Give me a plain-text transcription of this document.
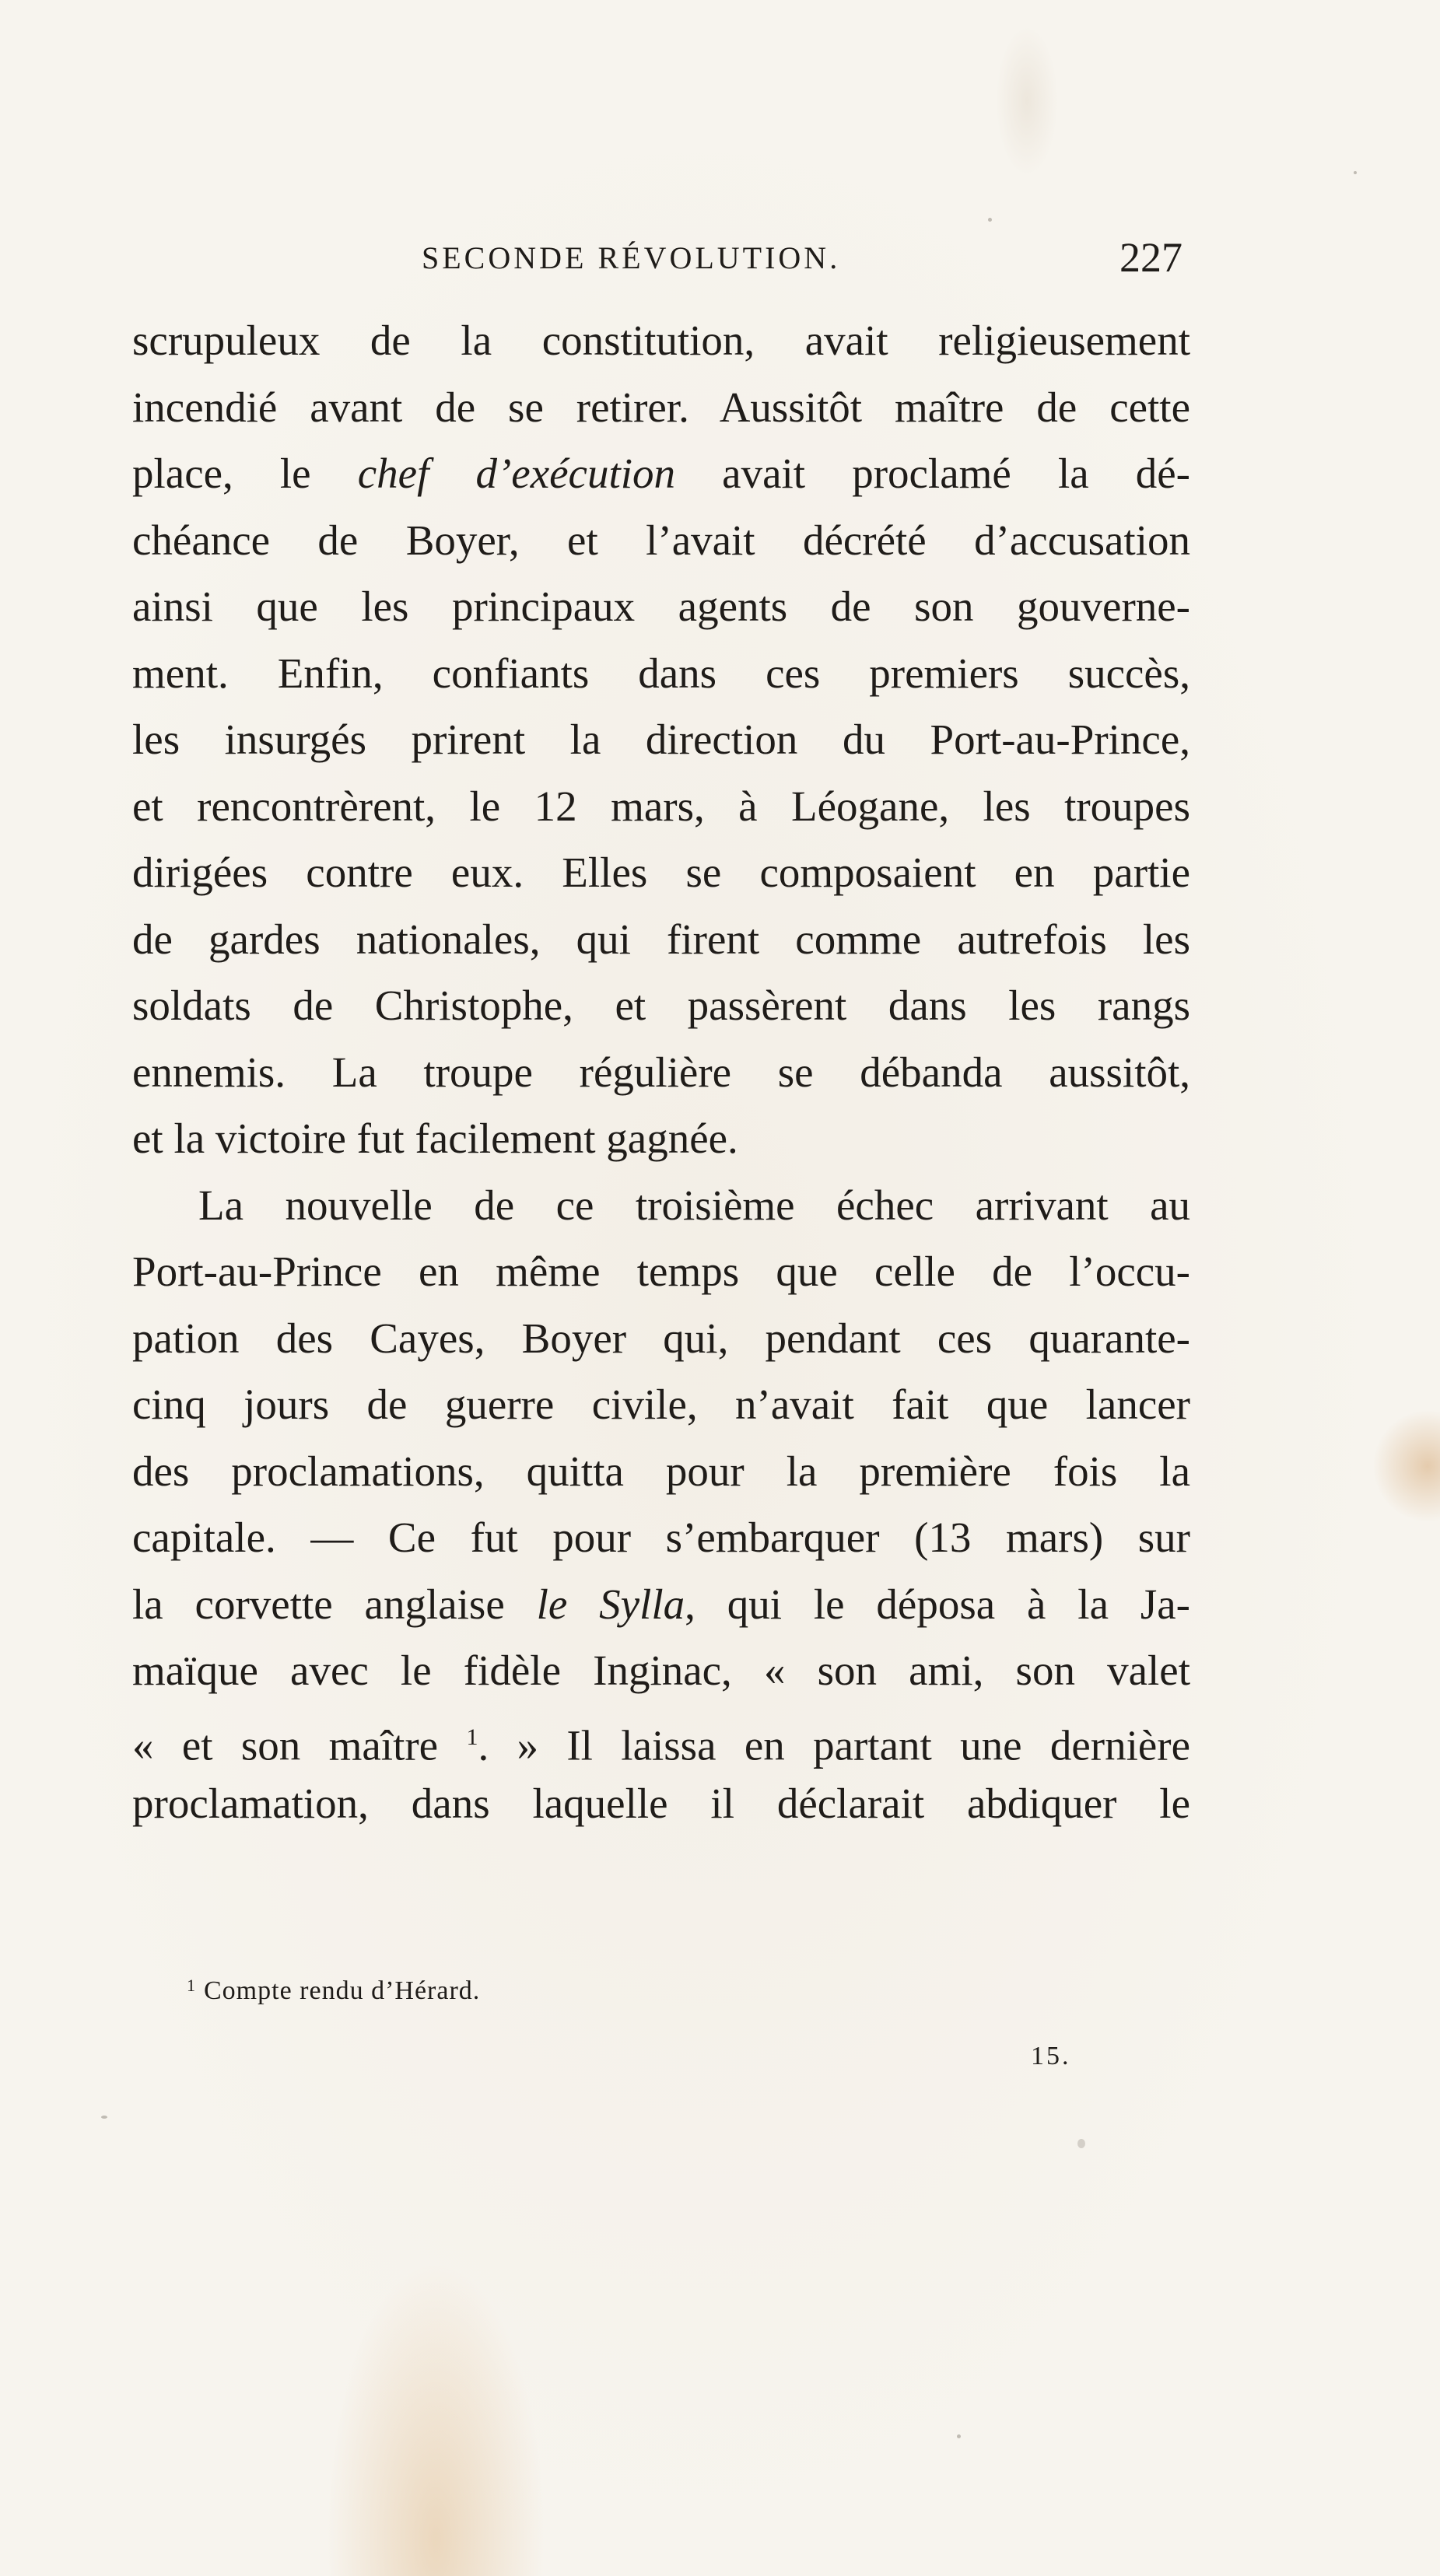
SECONDE RÉVOLUTION.	227
scrupuleux de la constitution, avait religieusement
incendié avant de se retirer. Aussitôt maître de cette
place, le chef d’exécution avait proclamé la dé-
chéance de Boyer, et l’avait décrété d’accusation
ainsi que les principaux agents de son gouverne-
ment. Enfin, confiants dans ces premiers succès,
les insurgés prirent la direction du Port-au-Prince,
et rencontrèrent, le 12 mars, à Léogane, les troupes
dirigées contre eux. Elles se composaient en partie
de gardes nationales, qui firent comme autrefois les
soldats de Christophe, et passèrent dans les rangs
ennemis. La troupe régulière se débanda aussitôt,
et la victoire fut facilement gagnée.
La nouvelle de ce troisième échec arrivant au
Port-au-Prince en même temps que celle de l’occu-
pation des Cayes, Boyer qui, pendant ces quarante-
cinq jours de guerre civile, n’avait fait que lancer
des proclamations, quitta pour la première fois la
capitale. — Ce fut pour s’embarquer (13 mars) sur
la corvette anglaise le Sylla, qui le déposa à la Ja-
maïque avec le fidèle Inginac, « son ami, son valet
« et son maître $^1$. » Il laissa en partant une dernière
proclamation, dans laquelle il déclarait abdiquer le
$^1$ Compte rendu d’Hérard.
15.
